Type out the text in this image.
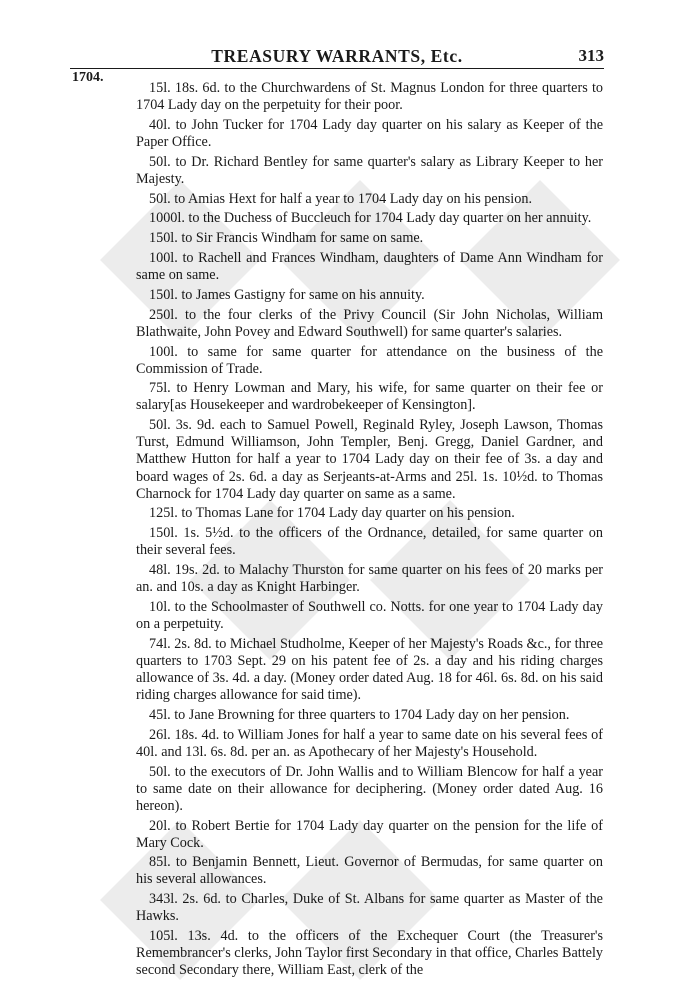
TREASURY WARRANTS, Etc.	313
1704.

15l. 18s. 6d. to the Churchwardens of St. Magnus London for three quarters to 1704 Lady day on the perpetuity for their poor.

40l. to John Tucker for 1704 Lady day quarter on his salary as Keeper of the Paper Office.

50l. to Dr. Richard Bentley for same quarter's salary as Library Keeper to her Majesty.

50l. to Amias Hext for half a year to 1704 Lady day on his pension.

1000l. to the Duchess of Buccleuch for 1704 Lady day quarter on her annuity.

150l. to Sir Francis Windham for same on same.

100l. to Rachell and Frances Windham, daughters of Dame Ann Windham for same on same.

150l. to James Gastigny for same on his annuity.

250l. to the four clerks of the Privy Council (Sir John Nicholas, William Blathwaite, John Povey and Edward Southwell) for same quarter's salaries.

100l. to same for same quarter for attendance on the business of the Commission of Trade.

75l. to Henry Lowman and Mary, his wife, for same quarter on their fee or salary[as Housekeeper and wardrobekeeper of Kensington].

50l. 3s. 9d. each to Samuel Powell, Reginald Ryley, Joseph Lawson, Thomas Turst, Edmund Williamson, John Templer, Benj. Gregg, Daniel Gardner, and Matthew Hutton for half a year to 1704 Lady day on their fee of 3s. a day and board wages of 2s. 6d. a day as Serjeants-at-Arms and 25l. 1s. 10½d. to Thomas Charnock for 1704 Lady day quarter on same as a same.

125l. to Thomas Lane for 1704 Lady day quarter on his pension.

150l. 1s. 5½d. to the officers of the Ordnance, detailed, for same quarter on their several fees.

48l. 19s. 2d. to Malachy Thurston for same quarter on his fees of 20 marks per an. and 10s. a day as Knight Harbinger.

10l. to the Schoolmaster of Southwell co. Notts. for one year to 1704 Lady day on a perpetuity.

74l. 2s. 8d. to Michael Studholme, Keeper of her Majesty's Roads &c., for three quarters to 1703 Sept. 29 on his patent fee of 2s. a day and his riding charges allowance of 3s. 4d. a day. (Money order dated Aug. 18 for 46l. 6s. 8d. on his said riding charges allowance for said time).

45l. to Jane Browning for three quarters to 1704 Lady day on her pension.

26l. 18s. 4d. to William Jones for half a year to same date on his several fees of 40l. and 13l. 6s. 8d. per an. as Apothecary of her Majesty's Household.

50l. to the executors of Dr. John Wallis and to William Blencow for half a year to same date on their allowance for deciphering. (Money order dated Aug. 16 hereon).

20l. to Robert Bertie for 1704 Lady day quarter on the pension for the life of Mary Cock.

85l. to Benjamin Bennett, Lieut. Governor of Bermudas, for same quarter on his several allowances.

343l. 2s. 6d. to Charles, Duke of St. Albans for same quarter as Master of the Hawks.

105l. 13s. 4d. to the officers of the Exchequer Court (the Treasurer's Remembrancer's clerks, John Taylor first Secondary in that office, Charles Battely second Secondary there, William East, clerk of the
